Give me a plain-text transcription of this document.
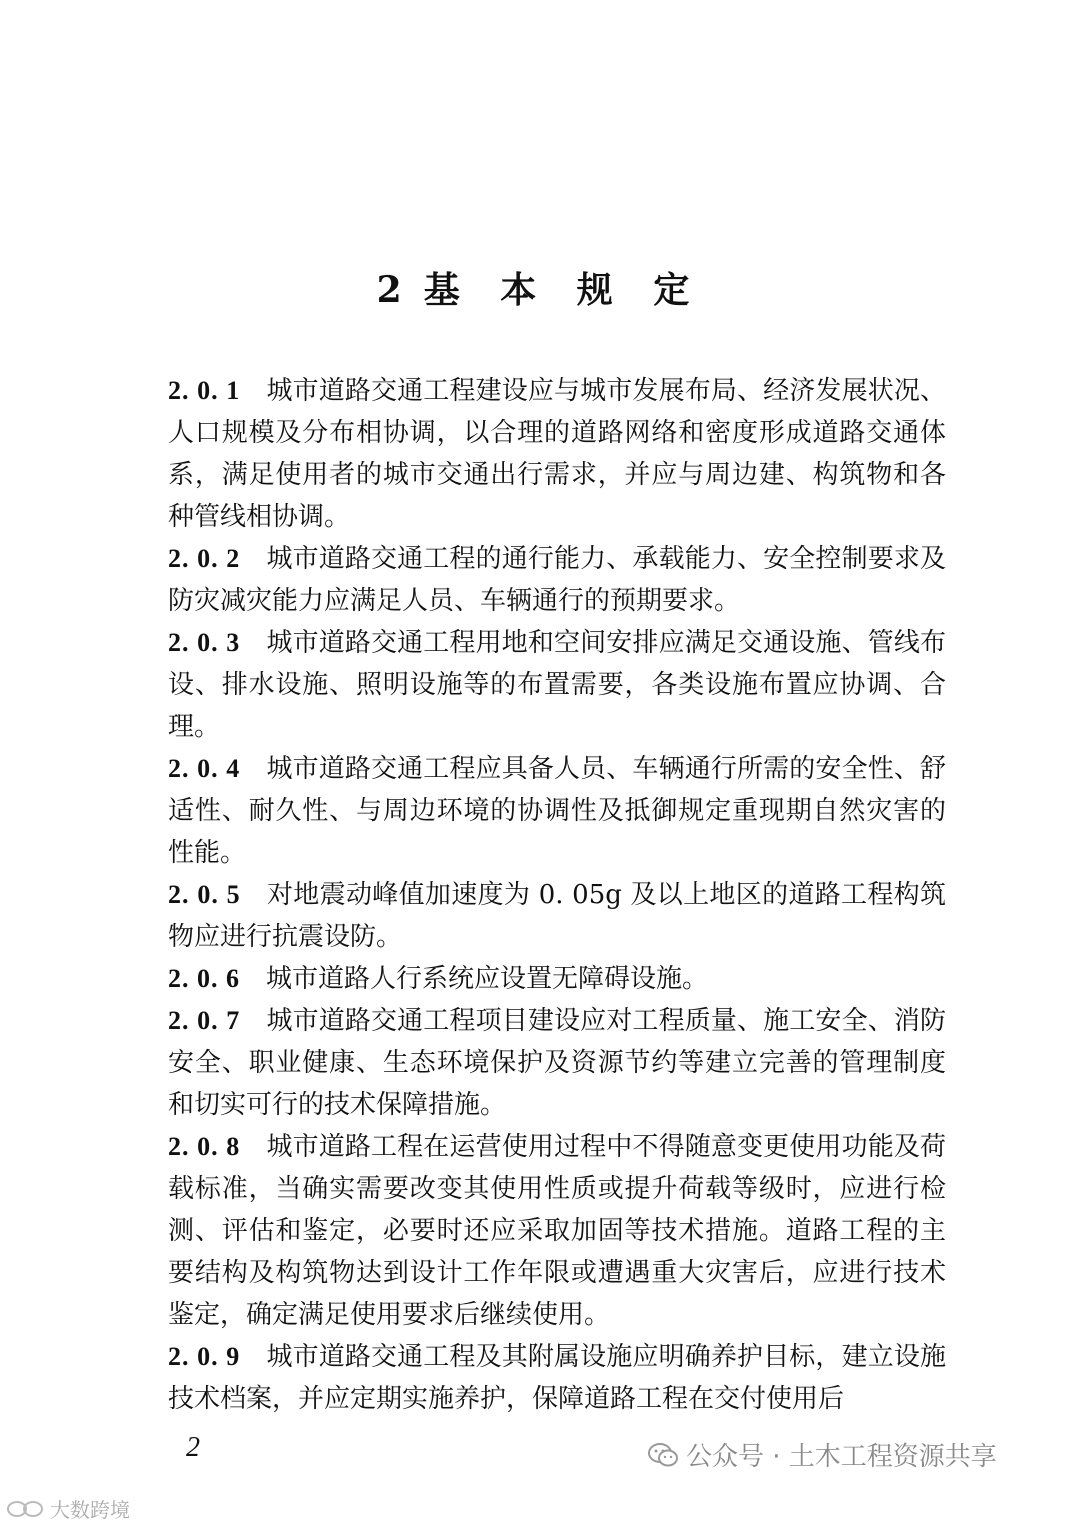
2 基 本 规 定

2. 0. 1 城市道路交通工程建设应与城市发展布局、经济发展状况、人口规模及分布相协调，以合理的道路网络和密度形成道路交通体系，满足使用者的城市交通出行需求，并应与周边建、构筑物和各种管线相协调。

2. 0. 2 城市道路交通工程的通行能力、承载能力、安全控制要求及防灾减灾能力应满足人员、车辆通行的预期要求。

2. 0. 3 城市道路交通工程用地和空间安排应满足交通设施、管线布设、排水设施、照明设施等的布置需要，各类设施布置应协调、合理。

2. 0. 4 城市道路交通工程应具备人员、车辆通行所需的安全性、舒适性、耐久性、与周边环境的协调性及抵御规定重现期自然灾害的性能。

2. 0. 5 对地震动峰值加速度为 0. 05g 及以上地区的道路工程构筑物应进行抗震设防。

2. 0. 6 城市道路人行系统应设置无障碍设施。

2. 0. 7 城市道路交通工程项目建设应对工程质量、施工安全、消防安全、职业健康、生态环境保护及资源节约等建立完善的管理制度和切实可行的技术保障措施。

2. 0. 8 城市道路工程在运营使用过程中不得随意变更使用功能及荷载标准，当确实需要改变其使用性质或提升荷载等级时，应进行检测、评估和鉴定，必要时还应采取加固等技术措施。道路工程的主要结构及构筑物达到设计工作年限或遭遇重大灾害后，应进行技术鉴定，确定满足使用要求后继续使用。

2. 0. 9 城市道路交通工程及其附属设施应明确养护目标，建立设施技术档案，并应定期实施养护，保障道路工程在交付使用后

2	公众号 · 土木工程资源共享
大数跨境
